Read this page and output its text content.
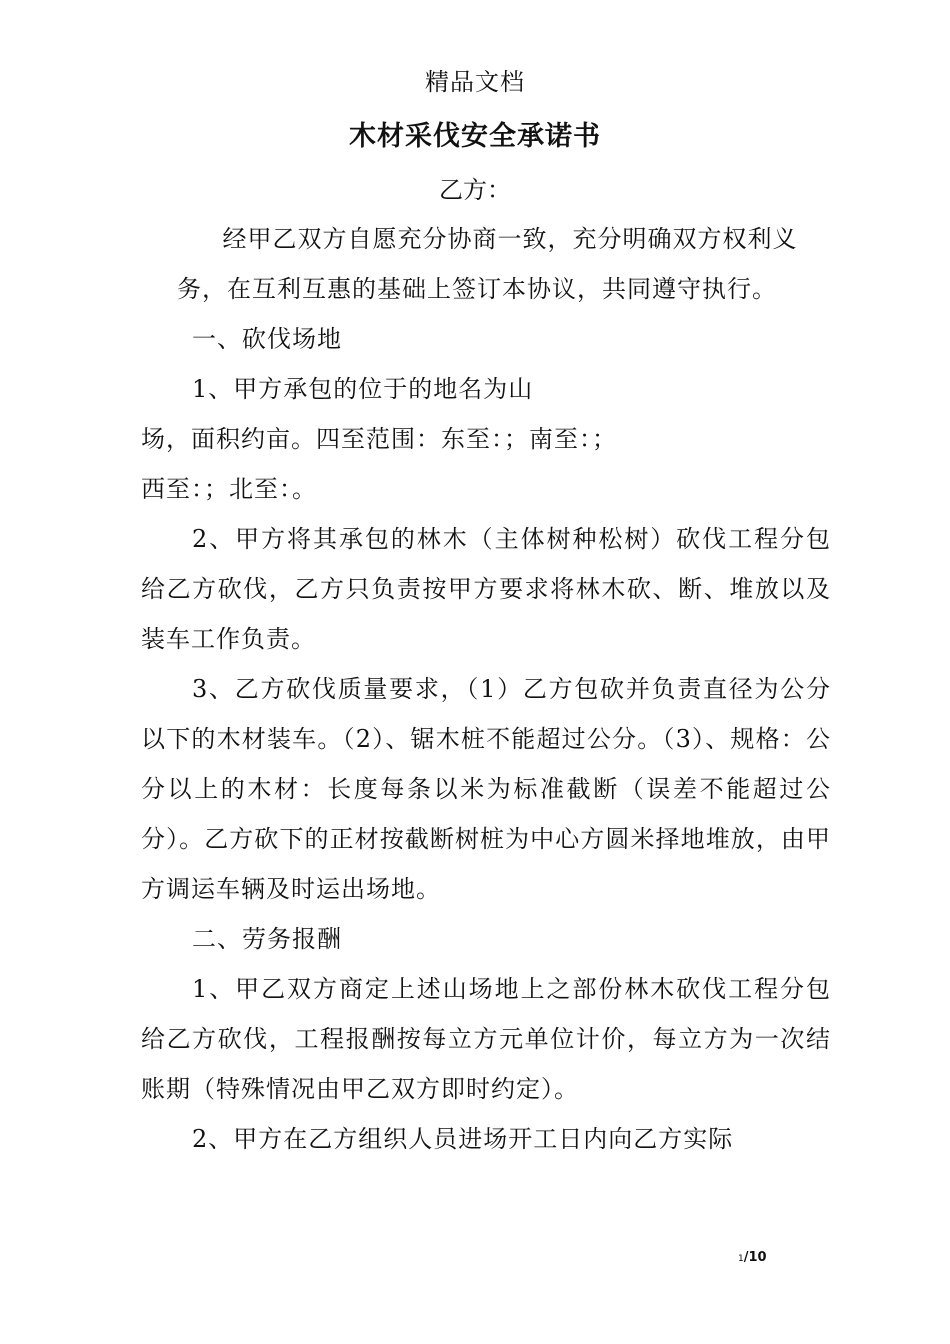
精品文档
木材采伐安全承诺书
乙方：

经甲乙双方自愿充分协商一致，充分明确双方权利义

务，在互利互惠的基础上签订本协议，共同遵守执行。

一、砍伐场地

1、甲方承包的位于的地名为山

场，面积约亩。四至范围：东至：；南至：；

西至：；北至：。

2、甲方将其承包的林木（主体树种松树）砍伐工程分包给乙方砍伐，乙方只负责按甲方要求将林木砍、断、堆放以及装车工作负责。

3、乙方砍伐质量要求，（1）乙方包砍并负责直径为公分以下的木材装车。（2）、锯木桩不能超过公分。（3）、规格：公分以上的木材：长度每条以米为标准截断（误差不能超过公分）。乙方砍下的正材按截断树桩为中心方圆米择地堆放，由甲方调运车辆及时运出场地。

二、劳务报酬

1、甲乙双方商定上述山场地上之部份林木砍伐工程分包给乙方砍伐，工程报酬按每立方元单位计价，每立方为一次结账期（特殊情况由甲乙双方即时约定）。

2、甲方在乙方组织人员进场开工日内向乙方实际

1/10
